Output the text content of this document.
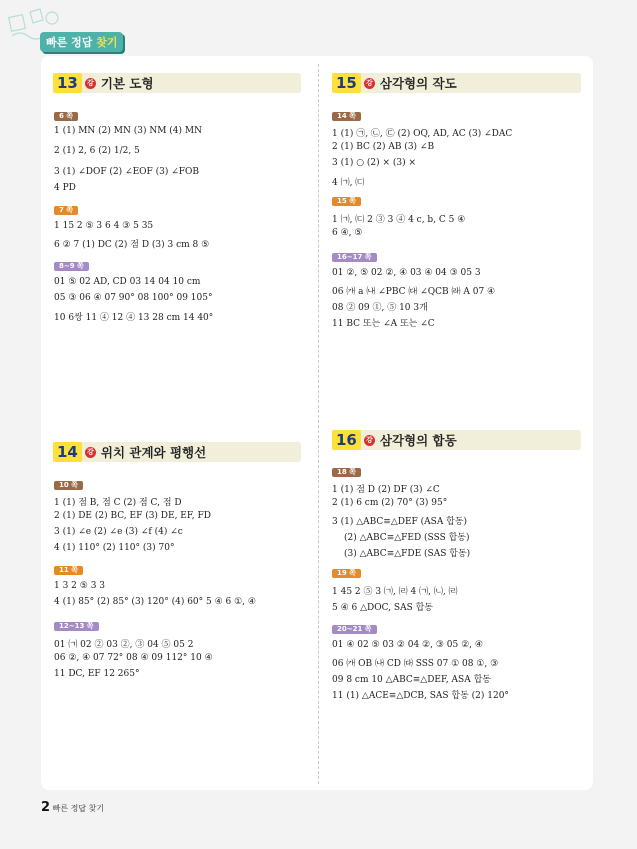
빠른 정답 찾기
13	강 기본 도형	15	강 삼각형의 작도
14	강 위치 관계와 평행선
16	강 삼각형의 합동
6 쪽
1 (1) MN (2) MN (3) NM (4) MN
2 (1) 2, 6 (2) 1/2, 5
3 (1) ∠DOF (2) ∠EOF (3) ∠FOB
4 PD
7 쪽
1 15 2 ⑤ 3 6 4 ③ 5 35
6 ② 7 (1) DC (2) 점 D (3) 3 cm 8 ⑤
8~9 쪽
01 ⑤ 02 AD, CD 03 14 04 10 cm
05 ③ 06 ④ 07 90° 08 100° 09 105°
10 6쌍 11 ④ 12 ④ 13 28 cm 14 40°
14 쪽
1 (1) ㉠, ㉡, ㉢ (2) OQ, AD, AC (3) ∠DAC
2 (1) BC (2) AB (3) ∠B
3 (1) ○ (2) × (3) ×
4 ㈀, ㈂
15 쪽
1 ㈀, ㈂ 2 ③ 3 ④ 4 c, b, C 5 ④
6 ④, ⑤
16~17 쪽
01 ②, ⑤ 02 ②, ④ 03 ④ 04 ③ 05 3
06 ㈎ a ㈏ ∠PBC ㈐ ∠QCB ㈑ A 07 ④
08 ② 09 ①, ⑤ 10 3개
11 BC 또는 ∠A 또는 ∠C
10 쪽
1 (1) 점 B, 점 C (2) 점 C, 점 D
2 (1) DE (2) BC, EF (3) DE, EF, FD
3 (1) ∠e (2) ∠e (3) ∠f (4) ∠c
4 (1) 110° (2) 110° (3) 70°
11 쪽
1 3 2 ⑤ 3 3
4 (1) 85° (2) 85° (3) 120° (4) 60° 5 ④ 6 ①, ④
12~13 쪽
01 ㈀ 02 ② 03 ②, ③ 04 ⑤ 05 2
06 ②, ④ 07 72° 08 ④ 09 112° 10 ④
11 DC, EF 12 265°
18 쪽
1 (1) 점 D (2) DF (3) ∠C
2 (1) 6 cm (2) 70° (3) 95°
3 (1) △ABC≡△DEF (ASA 합동)
(2) △ABC≡△FED (SSS 합동)
(3) △ABC≡△FDE (SAS 합동)
19 쪽
1 45 2 ⑤ 3 ㈀, ㈃ 4 ㈀, ㈁, ㈃
5 ④ 6 △DOC, SAS 합동
20~21 쪽
01 ④ 02 ⑤ 03 ② 04 ②, ③ 05 ②, ④
06 ㈎ OB ㈏ CD ㈐ SSS 07 ① 08 ①, ③
09 8 cm 10 △ABC≡△DEF, ASA 합동
11 (1) △ACE≡△DCB, SAS 합동 (2) 120°
2 빠른 정답 찾기
